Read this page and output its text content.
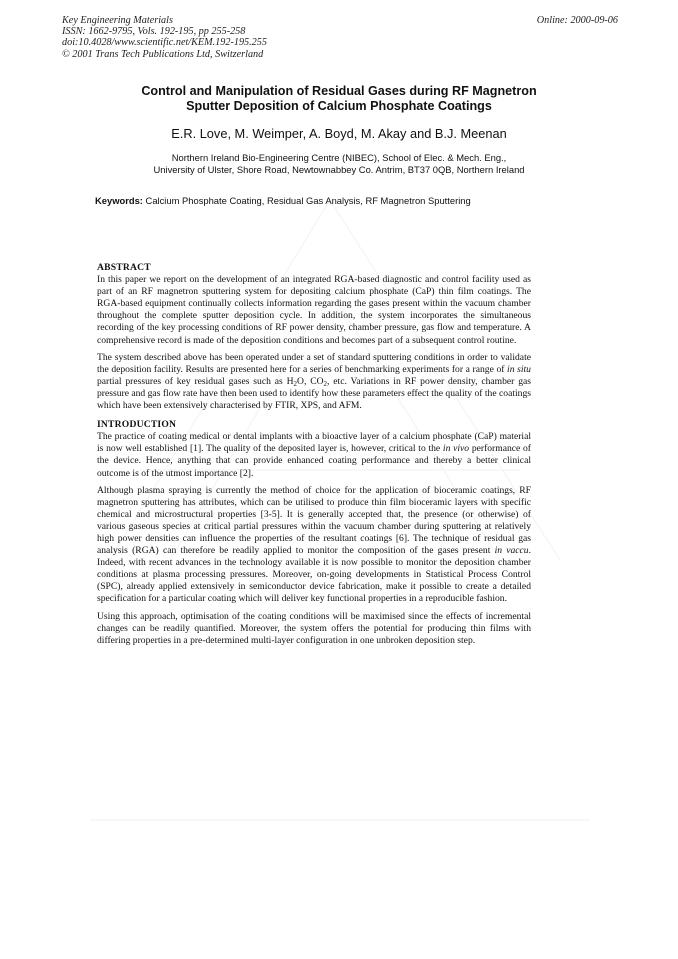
Key Engineering Materials
ISSN: 1662-9795, Vols. 192-195, pp 255-258
doi:10.4028/www.scientific.net/KEM.192-195.255
© 2001 Trans Tech Publications Ltd, Switzerland
Online: 2000-09-06
Control and Manipulation of Residual Gases during RF Magnetron
Sputter Deposition of Calcium Phosphate Coatings
E.R. Love, M. Weimper, A. Boyd, M. Akay and B.J. Meenan
Northern Ireland Bio-Engineering Centre (NIBEC), School of Elec. & Mech. Eng.,
University of Ulster, Shore Road, Newtownabbey Co. Antrim, BT37 0QB, Northern Ireland
Keywords: Calcium Phosphate Coating, Residual Gas Analysis, RF Magnetron Sputtering
ABSTRACT

In this paper we report on the development of an integrated RGA-based diagnostic and control facility used as part of an RF magnetron sputtering system for depositing calcium phosphate (CaP) thin film coatings. The RGA-based equipment continually collects information regarding the gases present within the vacuum chamber throughout the complete sputter deposition cycle. In addition, the system incorporates the simultaneous recording of the key processing conditions of RF power density, chamber pressure, gas flow and temperature. A comprehensive record is made of the deposition conditions and becomes part of a subsequent control routine.

The system described above has been operated under a set of standard sputtering conditions in order to validate the deposition facility. Results are presented here for a series of benchmarking experiments for a range of in situ partial pressures of key residual gases such as $H_2O$, $CO_2$, etc. Variations in RF power density, chamber gas pressure and gas flow rate have then been used to identify how these parameters effect the quality of the coatings which have been extensively characterised by FTIR, XPS, and AFM.

INTRODUCTION

The practice of coating medical or dental implants with a bioactive layer of a calcium phosphate (CaP) material is now well established [1]. The quality of the deposited layer is, however, critical to the in vivo performance of the device. Hence, anything that can provide enhanced coating performance and thereby a better clinical outcome is of the utmost importance [2].

Although plasma spraying is currently the method of choice for the application of bioceramic coatings, RF magnetron sputtering has attributes, which can be utilised to produce thin film bioceramic layers with specific chemical and microstructural properties [3-5]. It is generally accepted that, the presence (or otherwise) of various gaseous species at critical partial pressures within the vacuum chamber during sputtering at relatively high power densities can influence the properties of the resultant coatings [6]. The technique of residual gas analysis (RGA) can therefore be readily applied to monitor the composition of the gases present in vaccu. Indeed, with recent advances in the technology available it is now possible to monitor the deposition chamber conditions at plasma processing pressures. Moreover, on-going developments in Statistical Process Control (SPC), already applied extensively in semiconductor device fabrication, make it possible to create a detailed specification for a particular coating which will deliver key functional properties in a reproducible fashion.

Using this approach, optimisation of the coating conditions will be maximised since the effects of incremental changes can be readily quantified. Moreover, the system offers the potential for producing thin films with differing properties in a pre-determined multi-layer configuration in one unbroken deposition step.
